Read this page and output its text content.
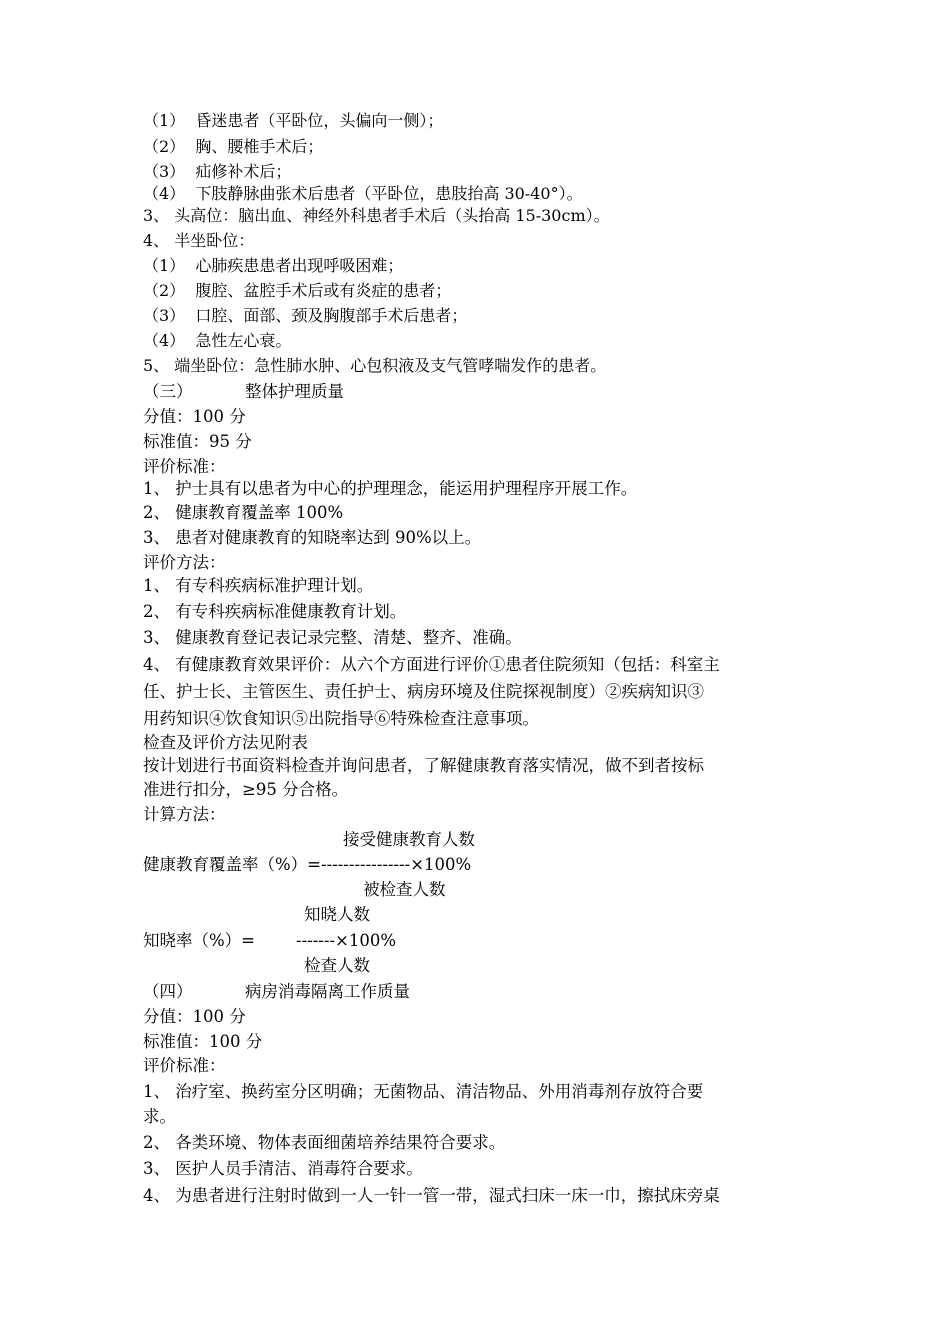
（1）  昏迷患者（平卧位，头偏向一侧）；
（2）  胸、腰椎手术后；
（3）  疝修补术后；
（4）  下肢静脉曲张术后患者（平卧位，患肢抬高 30-40°）。
3、 头高位：脑出血、神经外科患者手术后（头抬高 15-30cm）。
4、 半坐卧位：
（1）  心肺疾患患者出现呼吸困难；
（2）  腹腔、盆腔手术后或有炎症的患者；
（3）  口腔、面部、颈及胸腹部手术后患者；
（4）  急性左心衰。
5、 端坐卧位：急性肺水肿、心包积液及支气管哮喘发作的患者。
（三）          整体护理质量
分值：100 分
标准值：95 分
评价标准：
1、 护士具有以患者为中心的护理理念，能运用护理程序开展工作。
2、 健康教育覆盖率 100%
3、 患者对健康教育的知晓率达到 90%以上。
评价方法：
1、 有专科疾病标准护理计划。
2、 有专科疾病标准健康教育计划。
3、 健康教育登记表记录完整、清楚、整齐、准确。
4、 有健康教育效果评价：从六个方面进行评价①患者住院须知（包括：科室主
任、护士长、主管医生、责任护士、病房环境及住院探视制度）②疾病知识③
用药知识④饮食知识⑤出院指导⑥特殊检查注意事项。
检查及评价方法见附表
按计划进行书面资料检查并询问患者，了解健康教育落实情况，做不到者按标
准进行扣分，≥95 分合格。
计算方法：
接受健康教育人数
健康教育覆盖率（%）=----------------×100%
被检查人数
知晓人数
知晓率（%）= -------×100%
检查人数
（四）          病房消毒隔离工作质量
分值：100 分
标准值：100 分
评价标准：
1、 治疗室、换药室分区明确；无菌物品、清洁物品、外用消毒剂存放符合要
求。
2、 各类环境、物体表面细菌培养结果符合要求。
3、 医护人员手清洁、消毒符合要求。
4、 为患者进行注射时做到一人一针一管一带，湿式扫床一床一巾，擦拭床旁桌
